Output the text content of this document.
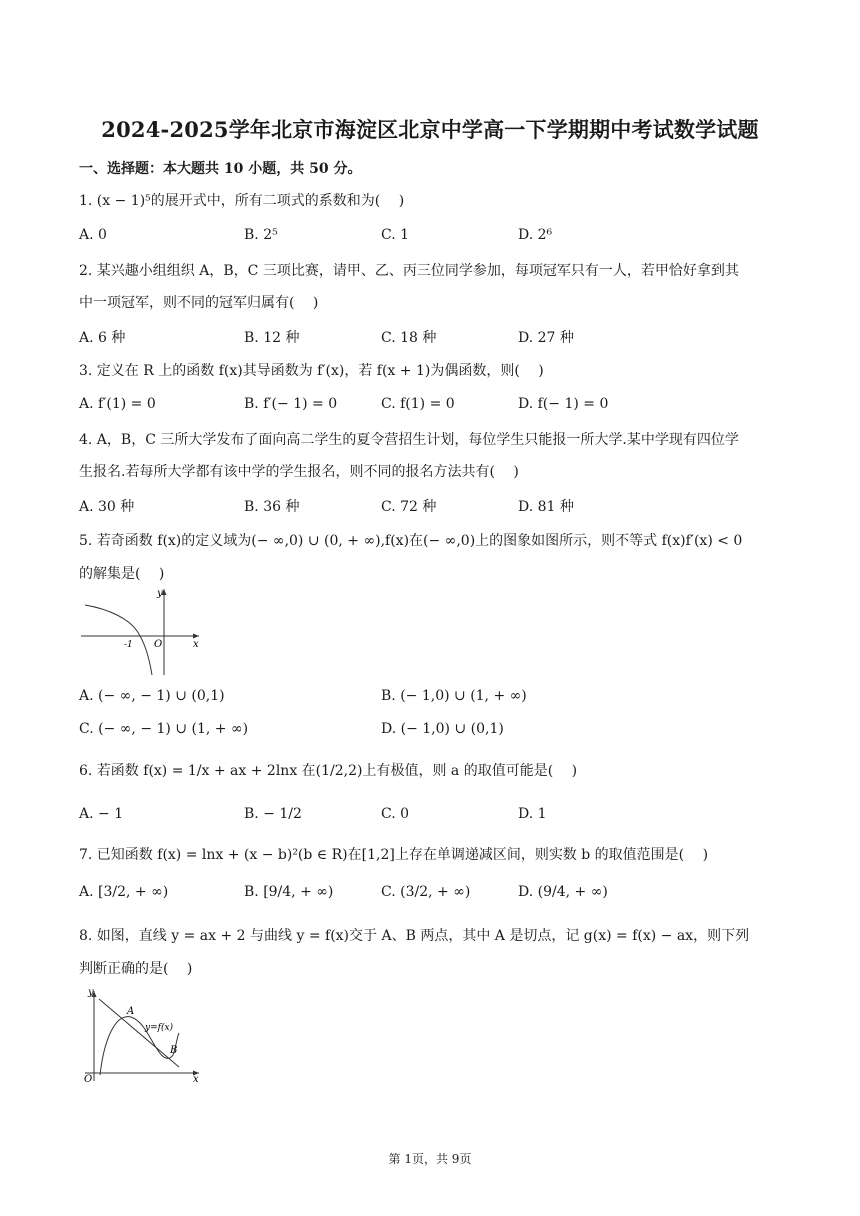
2024-2025学年北京市海淀区北京中学高一下学期期中考试数学试题
一、选择题：本大题共 10 小题，共 50 分。
1. (x − 1)⁵的展开式中，所有二项式的系数和为(　 )
A. 0	B. 2⁵	C. 1	D. 2⁶
2. 某兴趣小组组织 A，B，C 三项比赛，请甲、乙、丙三位同学参加，每项冠军只有一人，若甲恰好拿到其
中一项冠军，则不同的冠军归属有(　 )
A. 6 种	B. 12 种	C. 18 种	D. 27 种
3. 定义在 R 上的函数 f(x)其导函数为 f′(x)，若 f(x + 1)为偶函数，则(　 )
A. f′(1) = 0	B. f′(− 1) = 0	C. f(1) = 0	D. f(− 1) = 0
4. A，B，C 三所大学发布了面向高二学生的夏令营招生计划，每位学生只能报一所大学.某中学现有四位学
生报名.若每所大学都有该中学的学生报名，则不同的报名方法共有(　 )
A. 30 种	B. 36 种	C. 72 种	D. 81 种
5. 若奇函数 f(x)的定义域为(− ∞,0) ∪ (0, + ∞),f(x)在(− ∞,0)上的图象如图所示，则不等式 f(x)f′(x) < 0
的解集是(　 )
x
y
O
-1
A. (− ∞, − 1) ∪ (0,1)	B. (− 1,0) ∪ (1, + ∞)
C. (− ∞, − 1) ∪ (1, + ∞)	D. (− 1,0) ∪ (0,1)
6. 若函数 f(x) = 1/x + ax + 2lnx 在(1/2,2)上有极值，则 a 的取值可能是(　 )
A. − 1	B. − 1/2	C. 0	D. 1
7. 已知函数 f(x) = lnx + (x − b)²(b ∈ R)在[1,2]上存在单调递减区间，则实数 b 的取值范围是(　 )
A. [3/2, + ∞)	B. [9/4, + ∞)	C. (3/2, + ∞)	D. (9/4, + ∞)
8. 如图，直线 y = ax + 2 与曲线 y = f(x)交于 A、B 两点，其中 A 是切点，记 g(x) = f(x) − ax，则下列
判断正确的是(　 )
y
x
O
A
B
y=f(x)
第 1页，共 9页
